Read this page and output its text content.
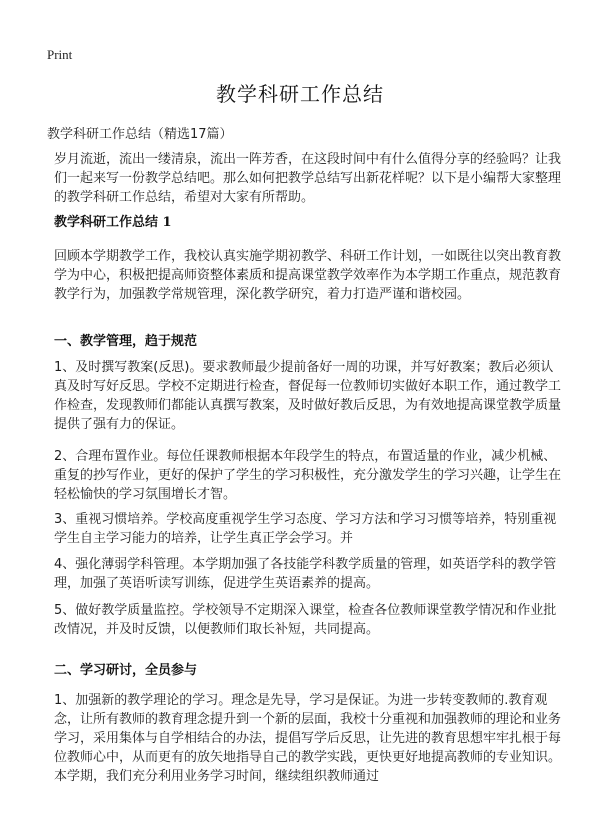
Print
教学科研工作总结
教学科研工作总结（精选17篇）

岁月流逝，流出一缕清泉，流出一阵芳香，在这段时间中有什么值得分享的经验吗？让我们一起来写一份教学总结吧。那么如何把教学总结写出新花样呢？以下是小编帮大家整理的教学科研工作总结，希望对大家有所帮助。

教学科研工作总结 1

回顾本学期教学工作，我校认真实施学期初教学、科研工作计划，一如既往以突出教育教学为中心，积极把提高师资整体素质和提高课堂教学效率作为本学期工作重点，规范教育教学行为，加强教学常规管理，深化教学研究，着力打造严谨和谐校园。

一、教学管理，趋于规范

1、及时撰写教案(反思)。要求教师最少提前备好一周的功课，并写好教案；教后必须认真及时写好反思。学校不定期进行检查，督促每一位教师切实做好本职工作，通过教学工作检查，发现教师们都能认真撰写教案，及时做好教后反思，为有效地提高课堂教学质量提供了强有力的保证。

2、合理布置作业。每位任课教师根据本年段学生的特点，布置适量的作业，减少机械、重复的抄写作业，更好的保护了学生的学习积极性，充分激发学生的学习兴趣，让学生在轻松愉快的学习氛围增长才智。

3、重视习惯培养。学校高度重视学生学习态度、学习方法和学习习惯等培养，特别重视学生自主学习能力的培养，让学生真正学会学习。并

4、强化薄弱学科管理。本学期加强了各技能学科教学质量的管理，如英语学科的教学管理，加强了英语听读写训练，促进学生英语素养的提高。

5、做好教学质量监控。学校领导不定期深入课堂，检查各位教师课堂教学情况和作业批改情况，并及时反馈，以便教师们取长补短，共同提高。

二、学习研讨，全员参与

1、加强新的教学理论的学习。理念是先导，学习是保证。为进一步转变教师的.教育观念，让所有教师的教育理念提升到一个新的层面，我校十分重视和加强教师的理论和业务学习，采用集体与自学相结合的办法，提倡写学后反思，让先进的教育思想牢牢扎根于每位教师心中，从而更有的放矢地指导自己的教学实践，更快更好地提高教师的专业知识。本学期，我们充分利用业务学习时间，继续组织教师通过
